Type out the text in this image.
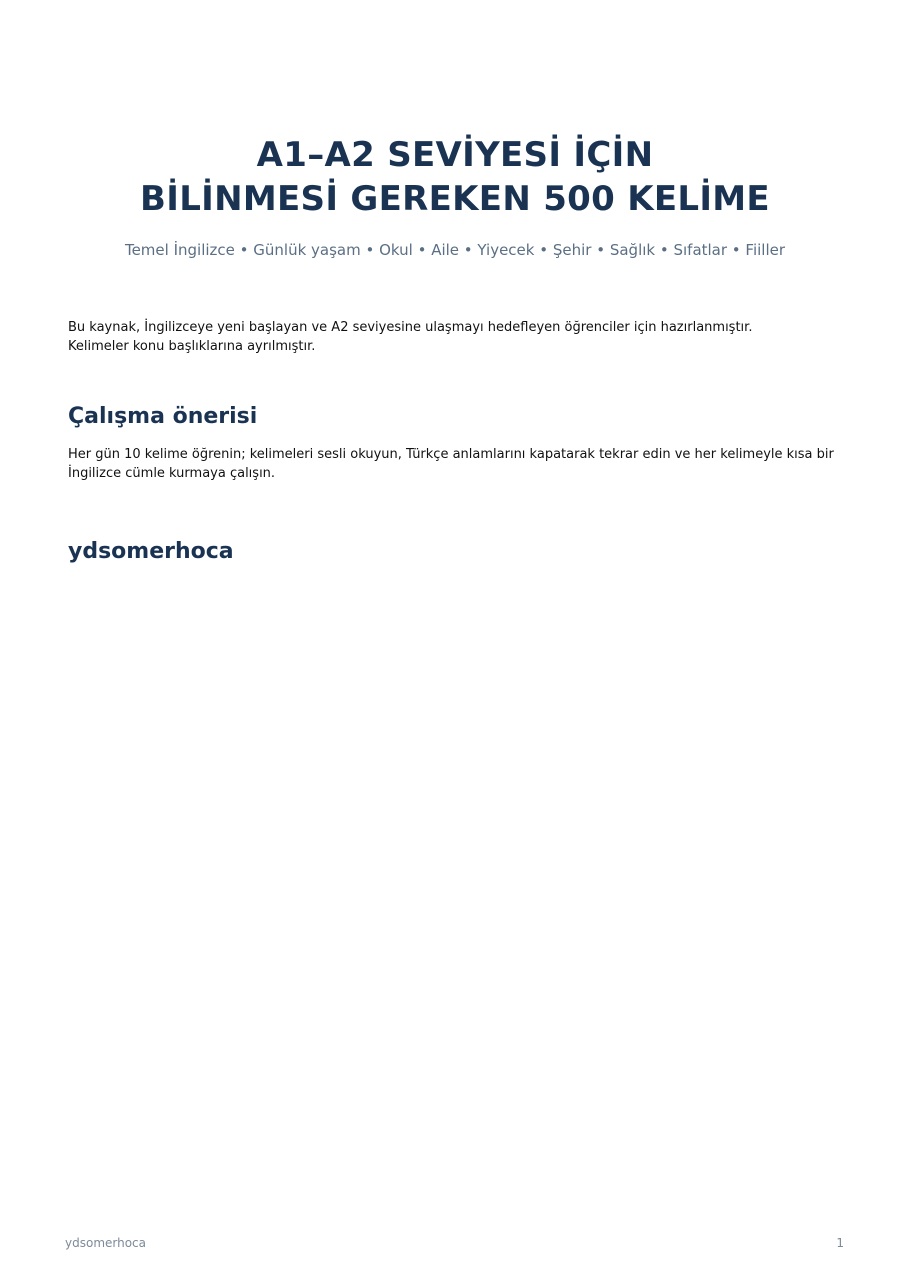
A1–A2 SEVİYESİ İÇİN
BİLİNMESİ GEREKEN 500 KELİME
Temel İngilizce • Günlük yaşam • Okul • Aile • Yiyecek • Şehir • Sağlık • Sıfatlar • Fiiller

Bu kaynak, İngilizceye yeni başlayan ve A2 seviyesine ulaşmayı hedefleyen öğrenciler için hazırlanmıştır.

Kelimeler konu başlıklarına ayrılmıştır.

Çalışma önerisi

Her gün 10 kelime öğrenin; kelimeleri sesli okuyun, Türkçe anlamlarını kapatarak tekrar edin ve her kelimeyle kısa bir İngilizce cümle kurmaya çalışın.

ydsomerhoca
ydsomerhoca	1
